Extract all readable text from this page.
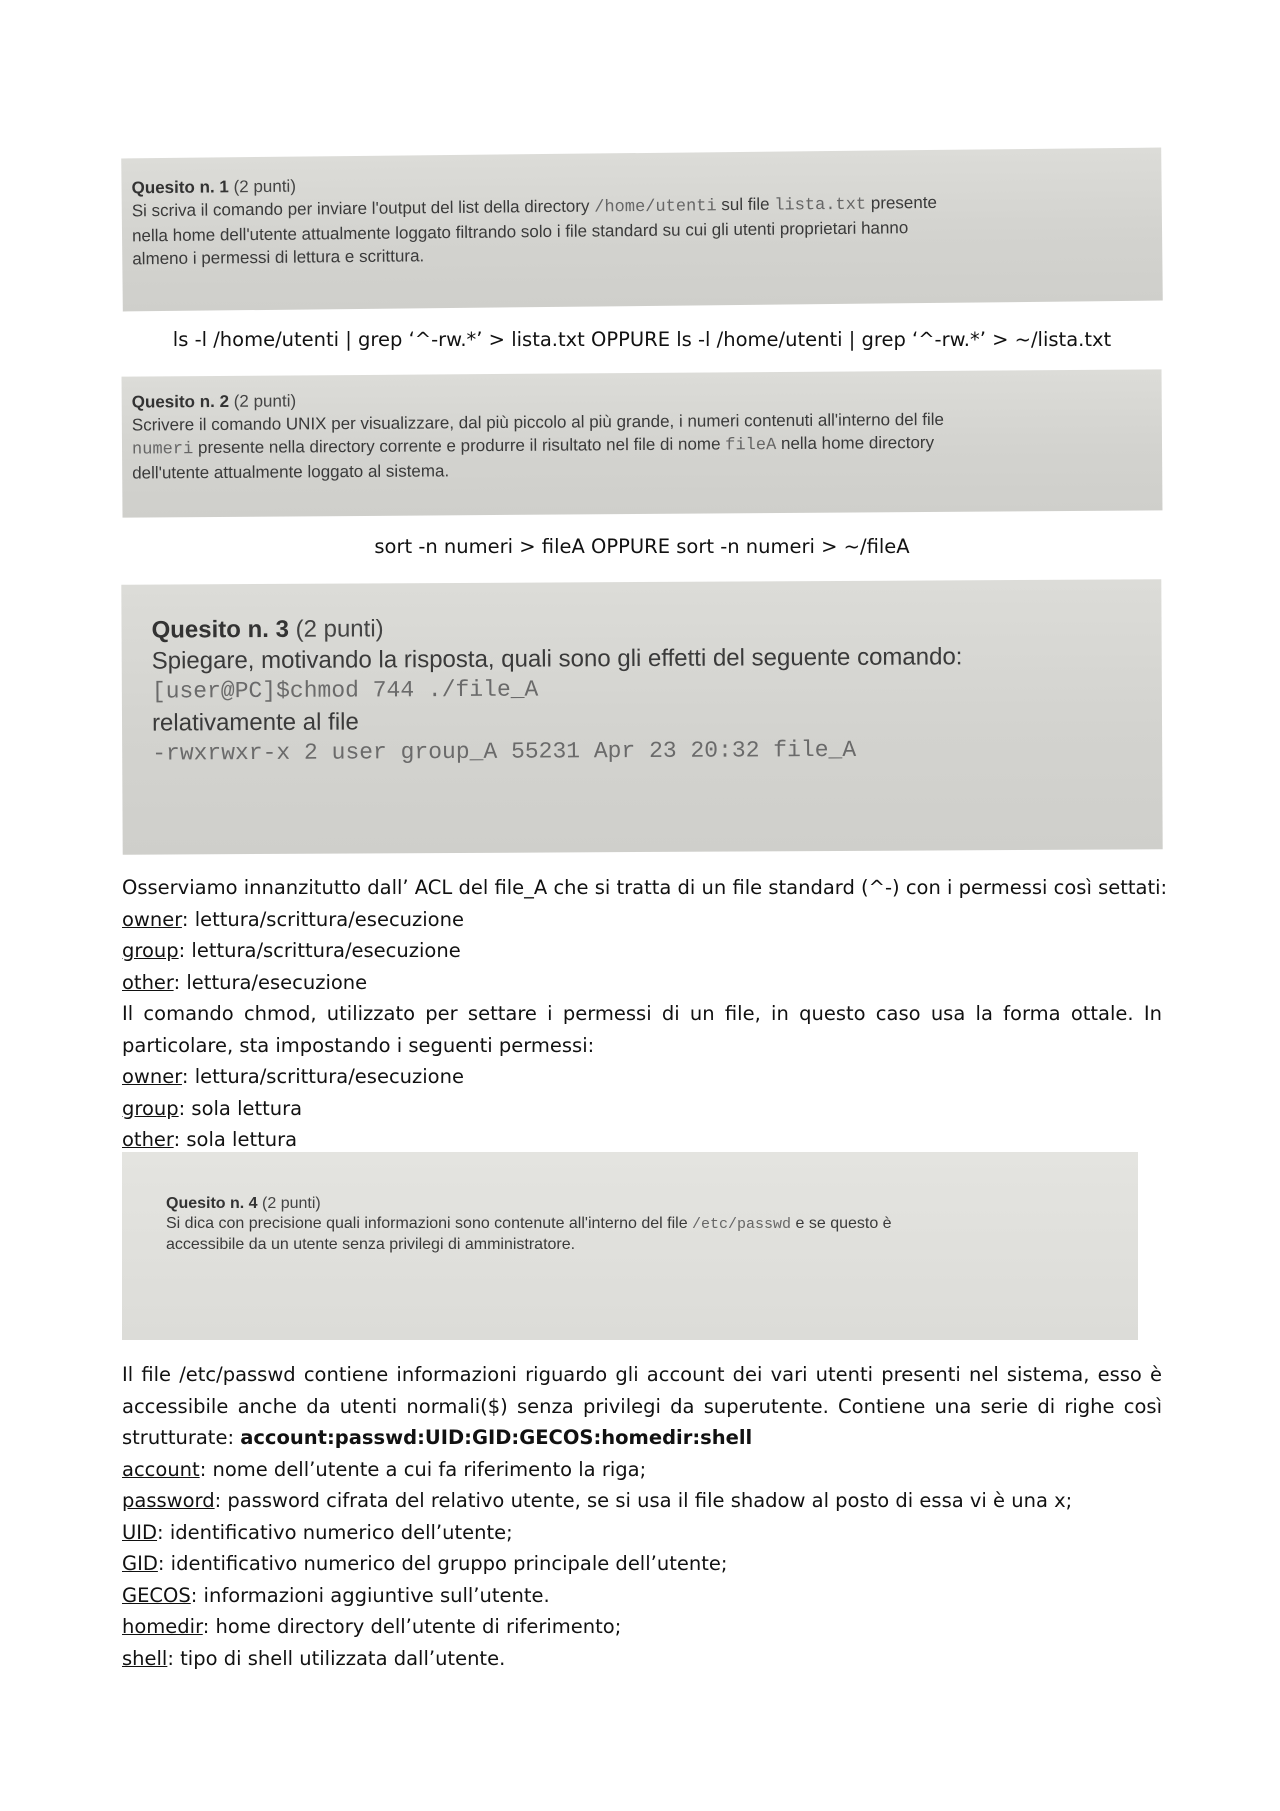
Quesito n. 1 (2 punti)
Si scriva il comando per inviare l'output del list della directory /home/utenti sul file lista.txt presente
nella home dell'utente attualmente loggato filtrando solo i file standard su cui gli utenti proprietari hanno
almeno i permessi di lettura e scrittura.
ls -l /home/utenti | grep ‘^-rw.*’ > lista.txt OPPURE ls -l /home/utenti | grep ‘^-rw.*’ > ~/lista.txt
Quesito n. 2 (2 punti)
Scrivere il comando UNIX per visualizzare, dal più piccolo al più grande, i numeri contenuti all'interno del file
numeri presente nella directory corrente e produrre il risultato nel file di nome fileA nella home directory
dell'utente attualmente loggato al sistema.
sort -n numeri > fileA OPPURE sort -n numeri > ~/fileA
Quesito n. 3 (2 punti)
Spiegare, motivando la risposta, quali sono gli effetti del seguente comando:
[user@PC]$chmod 744 ./file_A
relativamente al file
-rwxrwxr-x 2 user group_A 55231 Apr 23 20:32 file_A
Osserviamo innanzitutto dall’ ACL del file_A che si tratta di un file standard (^-) con i permessi così settati:
owner: lettura/scrittura/esecuzione
group: lettura/scrittura/esecuzione
other: lettura/esecuzione
Il comando chmod, utilizzato per settare i permessi di un file, in questo caso usa la forma ottale. In particolare, sta impostando i seguenti permessi:
owner: lettura/scrittura/esecuzione
group: sola lettura
other: sola lettura
Quesito n. 4 (2 punti)
Si dica con precisione quali informazioni sono contenute all'interno del file /etc/passwd e se questo è
accessibile da un utente senza privilegi di amministratore.
Il file /etc/passwd contiene informazioni riguardo gli account dei vari utenti presenti nel sistema, esso è accessibile anche da utenti normali($) senza privilegi da superutente. Contiene una serie di righe così strutturate: account:passwd:UID:GID:GECOS:homedir:shell
account: nome dell’utente a cui fa riferimento la riga;
password: password cifrata del relativo utente, se si usa il file shadow al posto di essa vi è una x;
UID: identificativo numerico dell’utente;
GID: identificativo numerico del gruppo principale dell’utente;
GECOS: informazioni aggiuntive sull’utente.
homedir: home directory dell’utente di riferimento;
shell: tipo di shell utilizzata dall’utente.
